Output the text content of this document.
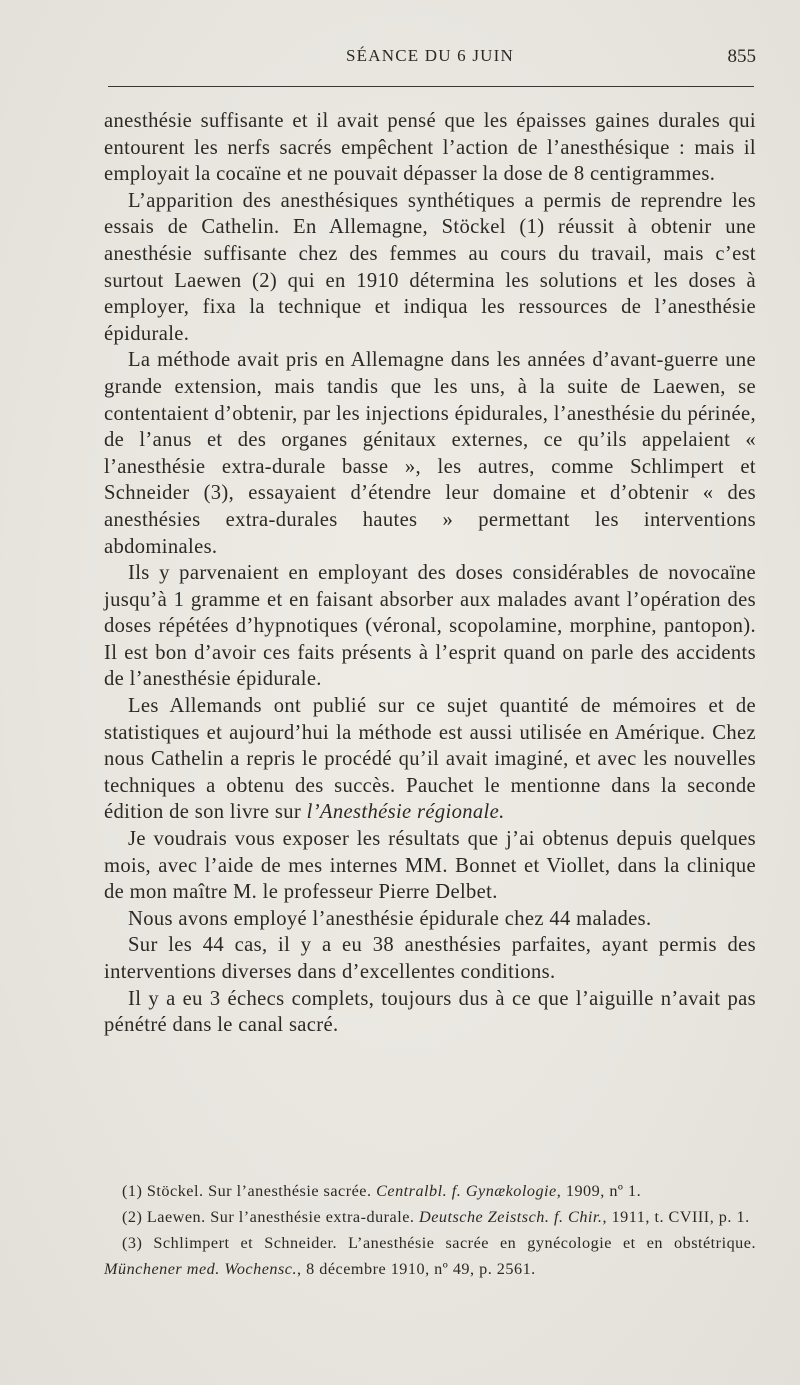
SÉANCE DU 6 JUIN	855

anesthésie suffisante et il avait pensé que les épaisses gaines durales qui entourent les nerfs sacrés empêchent l’action de l’anesthésique : mais il employait la cocaïne et ne pouvait dépasser la dose de 8 centigrammes.

L’apparition des anesthésiques synthétiques a permis de reprendre les essais de Cathelin. En Allemagne, Stöckel (1) réussit à obtenir une anesthésie suffisante chez des femmes au cours du travail, mais c’est surtout Laewen (2) qui en 1910 détermina les solutions et les doses à employer, fixa la technique et indiqua les ressources de l’anesthésie épidurale.

La méthode avait pris en Allemagne dans les années d’avant-guerre une grande extension, mais tandis que les uns, à la suite de Laewen, se contentaient d’obtenir, par les injections épidurales, l’anesthésie du périnée, de l’anus et des organes génitaux externes, ce qu’ils appelaient « l’anesthésie extra-durale basse », les autres, comme Schlimpert et Schneider (3), essayaient d’étendre leur domaine et d’obtenir « des anesthésies extra-durales hautes » permettant les interventions abdominales.

Ils y parvenaient en employant des doses considérables de novocaïne jusqu’à 1 gramme et en faisant absorber aux malades avant l’opération des doses répétées d’hypnotiques (véronal, scopolamine, morphine, pantopon). Il est bon d’avoir ces faits présents à l’esprit quand on parle des accidents de l’anesthésie épidurale.

Les Allemands ont publié sur ce sujet quantité de mémoires et de statistiques et aujourd’hui la méthode est aussi utilisée en Amérique. Chez nous Cathelin a repris le procédé qu’il avait imaginé, et avec les nouvelles techniques a obtenu des succès. Pauchet le mentionne dans la seconde édition de son livre sur l’Anesthésie régionale.

Je voudrais vous exposer les résultats que j’ai obtenus depuis quelques mois, avec l’aide de mes internes MM. Bonnet et Viollet, dans la clinique de mon maître M. le professeur Pierre Delbet.

Nous avons employé l’anesthésie épidurale chez 44 malades.

Sur les 44 cas, il y a eu 38 anesthésies parfaites, ayant permis des interventions diverses dans d’excellentes conditions.

Il y a eu 3 échecs complets, toujours dus à ce que l’aiguille n’avait pas pénétré dans le canal sacré.

(1) Stöckel. Sur l’anesthésie sacrée. Centralbl. f. Gynækologie, 1909, nº 1.

(2) Laewen. Sur l’anesthésie extra-durale. Deutsche Zeistsch. f. Chir., 1911, t. CVIII, p. 1.

(3) Schlimpert et Schneider. L’anesthésie sacrée en gynécologie et en obstétrique. Münchener med. Wochensc., 8 décembre 1910, nº 49, p. 2561.
